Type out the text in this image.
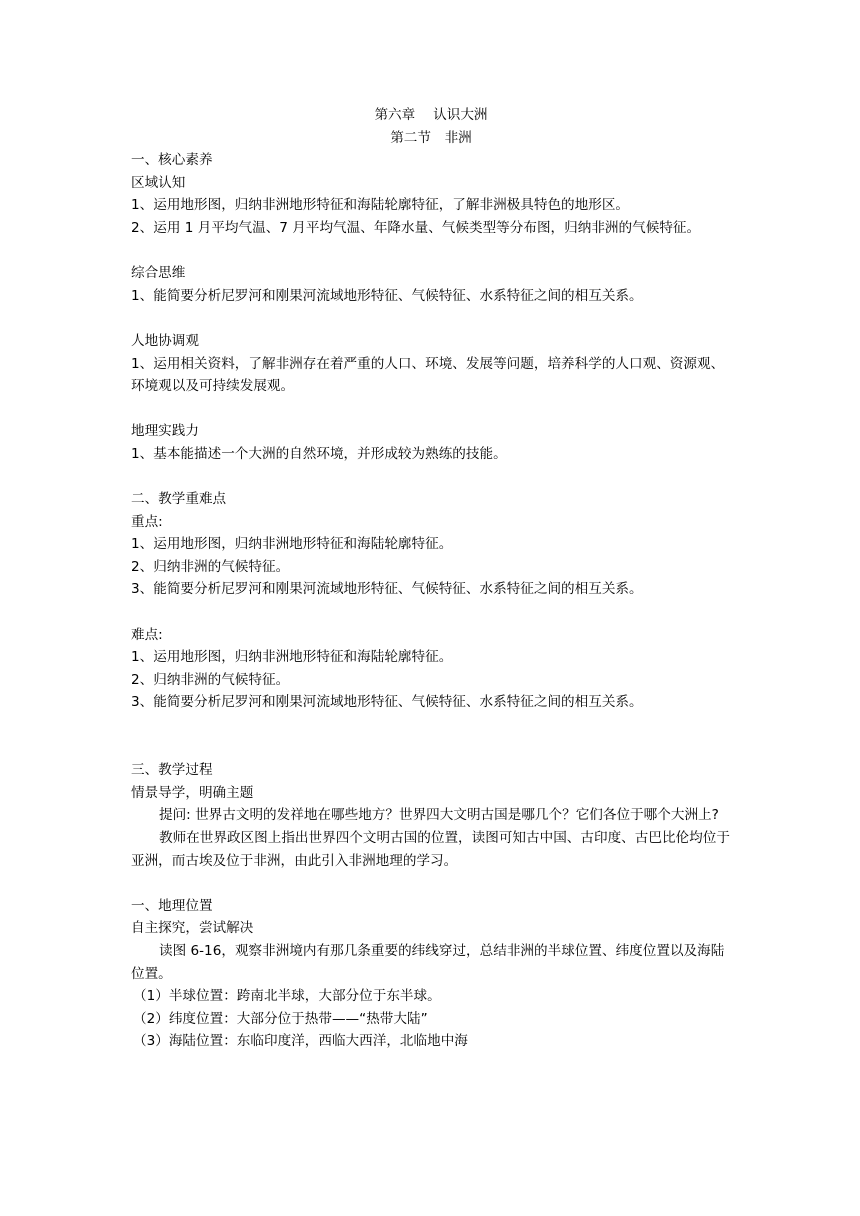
第六章　 认识大洲
第二节　非洲
一、核心素养
区域认知
1、运用地形图，归纳非洲地形特征和海陆轮廓特征，了解非洲极具特色的地形区。
2、运用 1 月平均气温、7 月平均气温、年降水量、气候类型等分布图，归纳非洲的气候特征。
综合思维
1、能简要分析尼罗河和刚果河流域地形特征、气候特征、水系特征之间的相互关系。
人地协调观
1、运用相关资料，了解非洲存在着严重的人口、环境、发展等问题，培养科学的人口观、资源观、环境观以及可持续发展观。
地理实践力
1、基本能描述一个大洲的自然环境，并形成较为熟练的技能。
二、教学重难点
重点:
1、运用地形图，归纳非洲地形特征和海陆轮廓特征。
2、归纳非洲的气候特征。
3、能简要分析尼罗河和刚果河流域地形特征、气候特征、水系特征之间的相互关系。
难点:
1、运用地形图，归纳非洲地形特征和海陆轮廓特征。
2、归纳非洲的气候特征。
3、能简要分析尼罗河和刚果河流域地形特征、气候特征、水系特征之间的相互关系。
三、教学过程
情景导学，明确主题
提问: 世界古文明的发祥地在哪些地方？世界四大文明古国是哪几个？它们各位于哪个大洲上?
教师在世界政区图上指出世界四个文明古国的位置，读图可知古中国、古印度、古巴比伦均位于亚洲，而古埃及位于非洲，由此引入非洲地理的学习。
一、地理位置
自主探究，尝试解决
读图 6-16，观察非洲境内有那几条重要的纬线穿过，总结非洲的半球位置、纬度位置以及海陆位置。
（1）半球位置：跨南北半球，大部分位于东半球。
（2）纬度位置：大部分位于热带——“热带大陆”
（3）海陆位置：东临印度洋，西临大西洋，北临地中海
